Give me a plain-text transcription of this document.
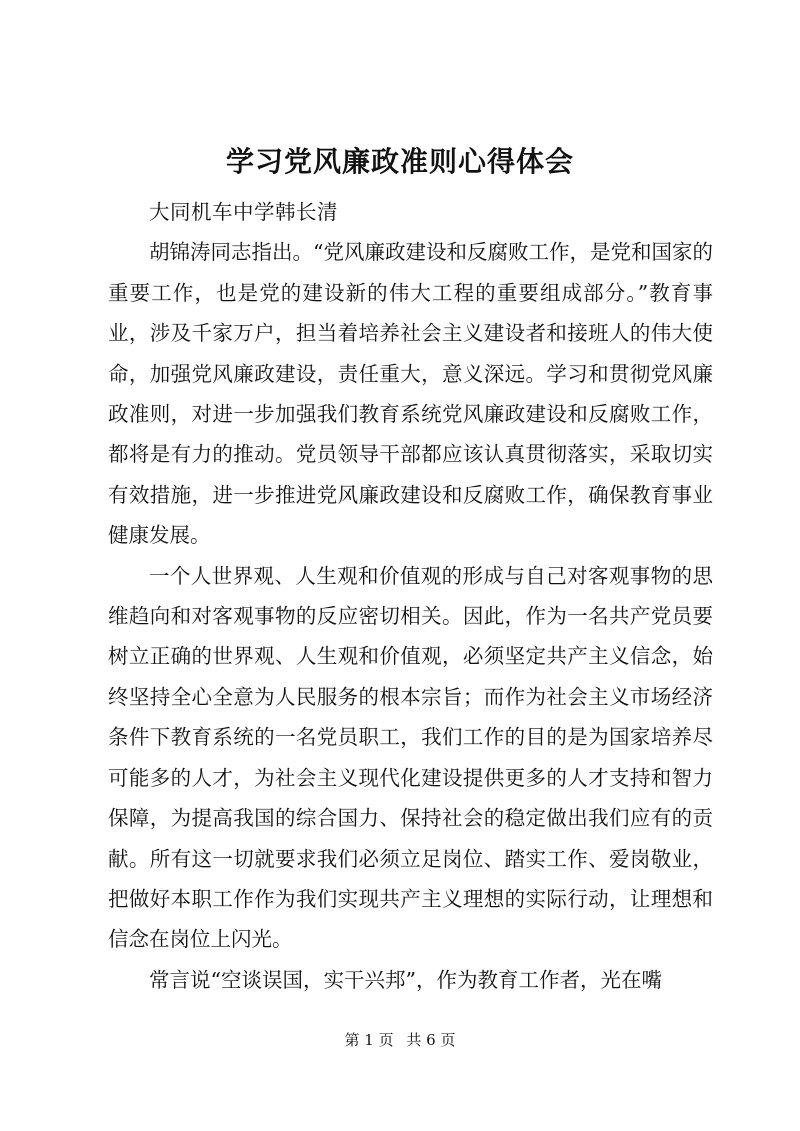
学习党风廉政准则心得体会

大同机车中学韩长清

胡锦涛同志指出。“党风廉政建设和反腐败工作，是党和国家的重要工作，也是党的建设新的伟大工程的重要组成部分。”教育事业，涉及千家万户，担当着培养社会主义建设者和接班人的伟大使命，加强党风廉政建设，责任重大，意义深远。学习和贯彻党风廉政准则，对进一步加强我们教育系统党风廉政建设和反腐败工作，都将是有力的推动。党员领导干部都应该认真贯彻落实，采取切实有效措施，进一步推进党风廉政建设和反腐败工作，确保教育事业健康发展。

一个人世界观、人生观和价值观的形成与自己对客观事物的思维趋向和对客观事物的反应密切相关。因此，作为一名共产党员要树立正确的世界观、人生观和价值观，必须坚定共产主义信念，始终坚持全心全意为人民服务的根本宗旨；而作为社会主义市场经济条件下教育系统的一名党员职工，我们工作的目的是为国家培养尽可能多的人才，为社会主义现代化建设提供更多的人才支持和智力保障，为提高我国的综合国力、保持社会的稳定做出我们应有的贡献。所有这一切就要求我们必须立足岗位、踏实工作、爱岗敬业，把做好本职工作作为我们实现共产主义理想的实际行动，让理想和信念在岗位上闪光。

常言说“空谈误国，实干兴邦”，作为教育工作者，光在嘴

第 1 页 共 6 页
